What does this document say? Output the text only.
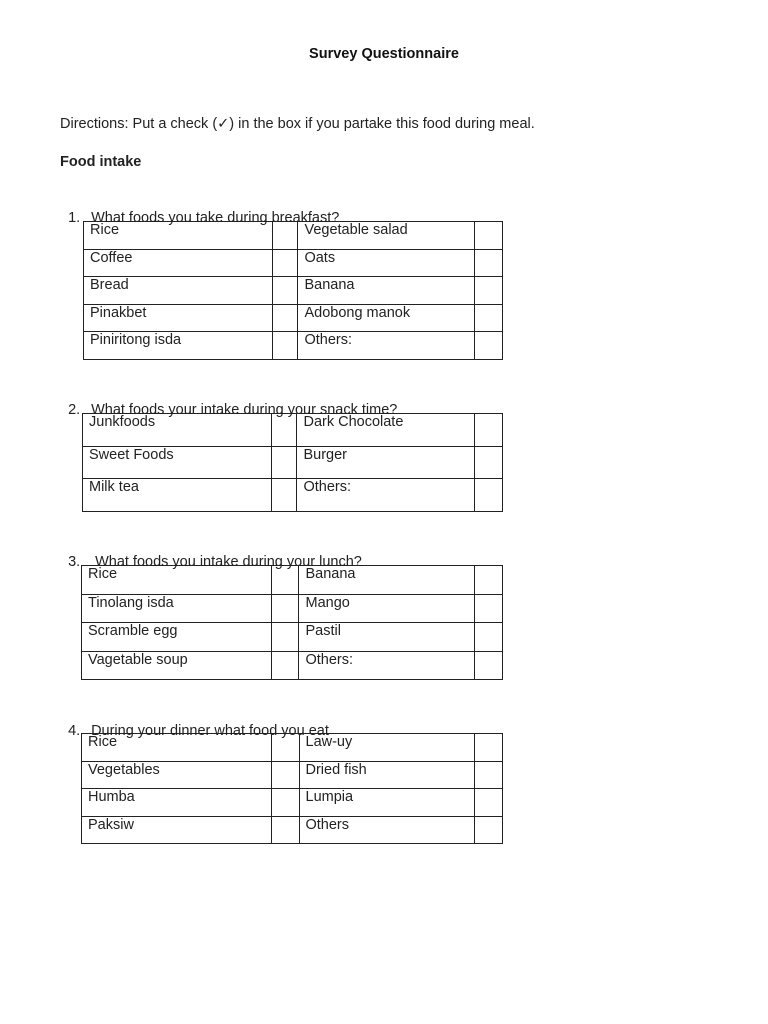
Survey Questionnaire
Directions: Put a check (✓) in the box if you partake this food during meal.
Food intake

1. What foods you take during breakfast?

Rice		Vegetable salad	
Coffee		Oats	
Bread		Banana	
Pinakbet		Adobong manok	
Piniritong isda		Others:	

2. What foods your intake during your snack time?

Junkfoods		Dark Chocolate	
Sweet Foods		Burger	
Milk tea		Others:	

3. What foods you intake during your lunch?

Rice		Banana	
Tinolang isda		Mango	
Scramble egg		Pastil	
Vagetable soup		Others:	

4. During your dinner what food you eat

Rice		Law-uy	
Vegetables		Dried fish	
Humba		Lumpia	
Paksiw		Others	
